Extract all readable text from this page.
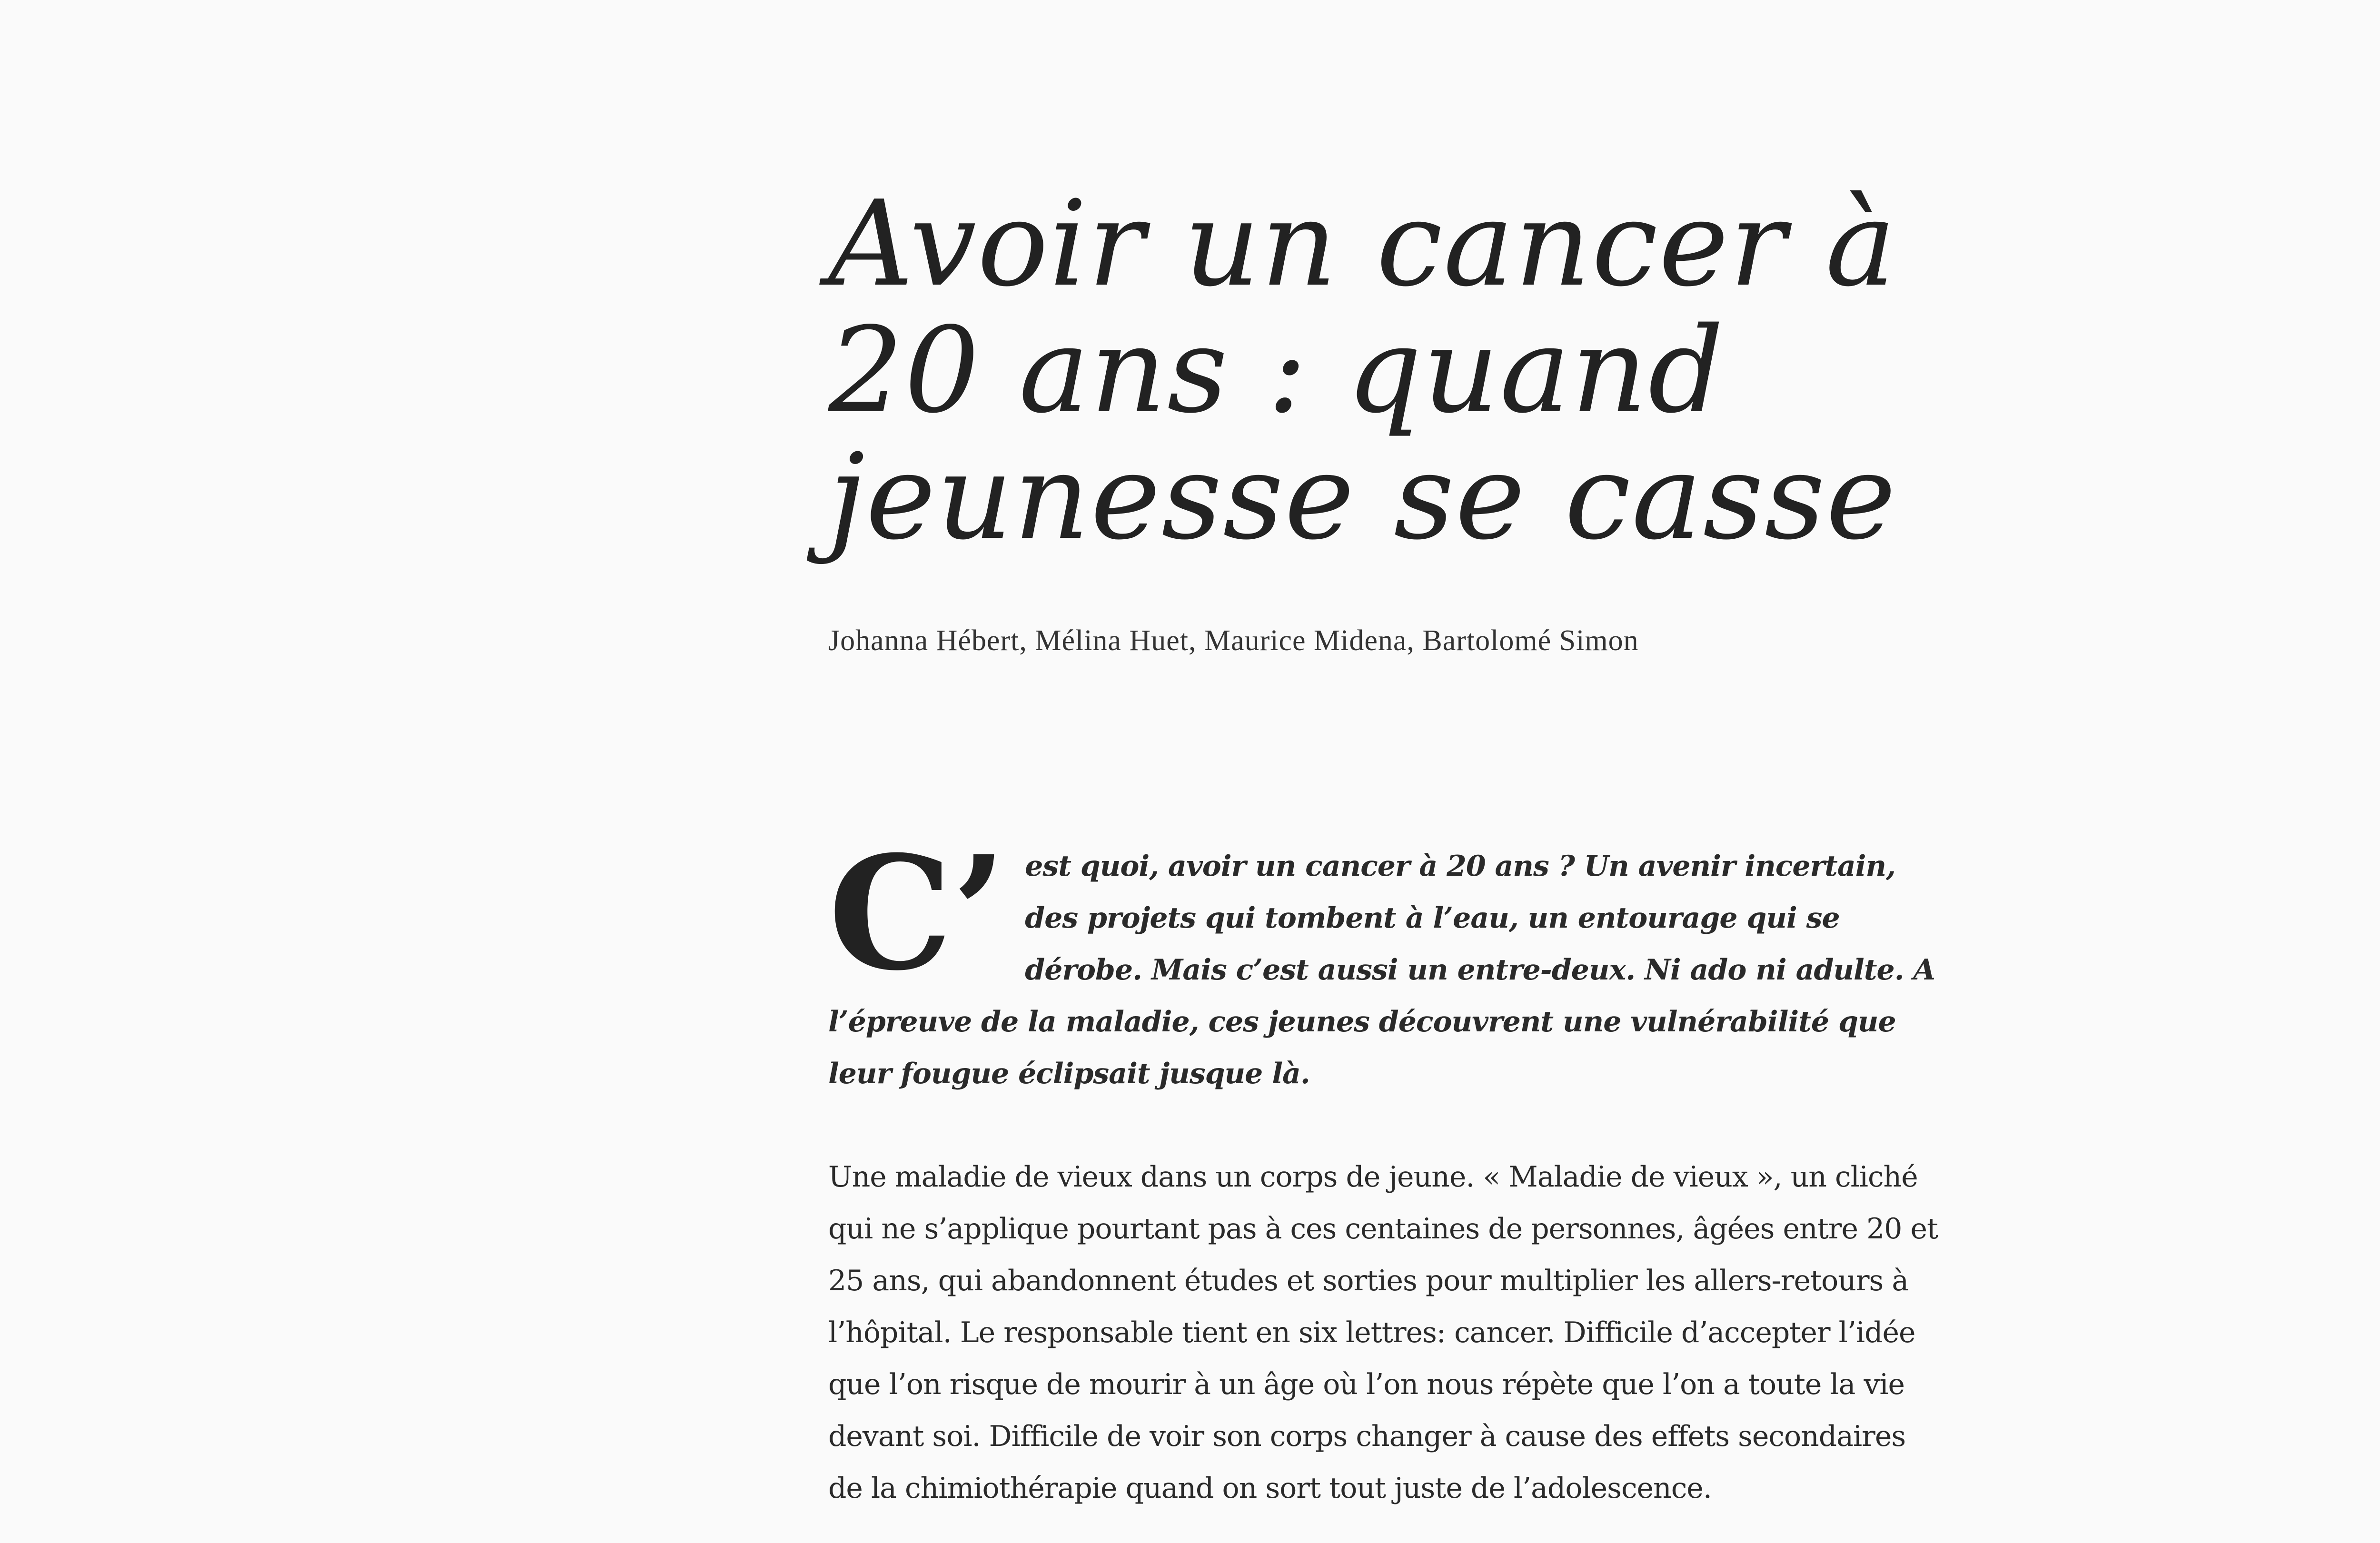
Avoir un cancer à 20 ans : quand jeunesse se casse
Johanna Hébert, Mélina Huet, Maurice Midena, Bartolomé Simon

C’ est quoi, avoir un cancer à 20 ans ? Un avenir incertain, des projets qui tombent à l’eau, un entourage qui se dérobe. Mais c’est aussi un entre-deux. Ni ado ni adulte. A l’épreuve de la maladie, ces jeunes découvrent une vulnérabilité que leur fougue éclipsait jusque là.

Une maladie de vieux dans un corps de jeune. « Maladie de vieux », un cliché qui ne s’applique pourtant pas à ces centaines de personnes, âgées entre 20 et 25 ans, qui abandonnent études et sorties pour multiplier les allers-retours à l’hôpital. Le responsable tient en six lettres: cancer. Difficile d’accepter l’idée que l’on risque de mourir à un âge où l’on nous répète que l’on a toute la vie devant soi. Difficile de voir son corps changer à cause des effets secondaires de la chimiothérapie quand on sort tout juste de l’adolescence.
